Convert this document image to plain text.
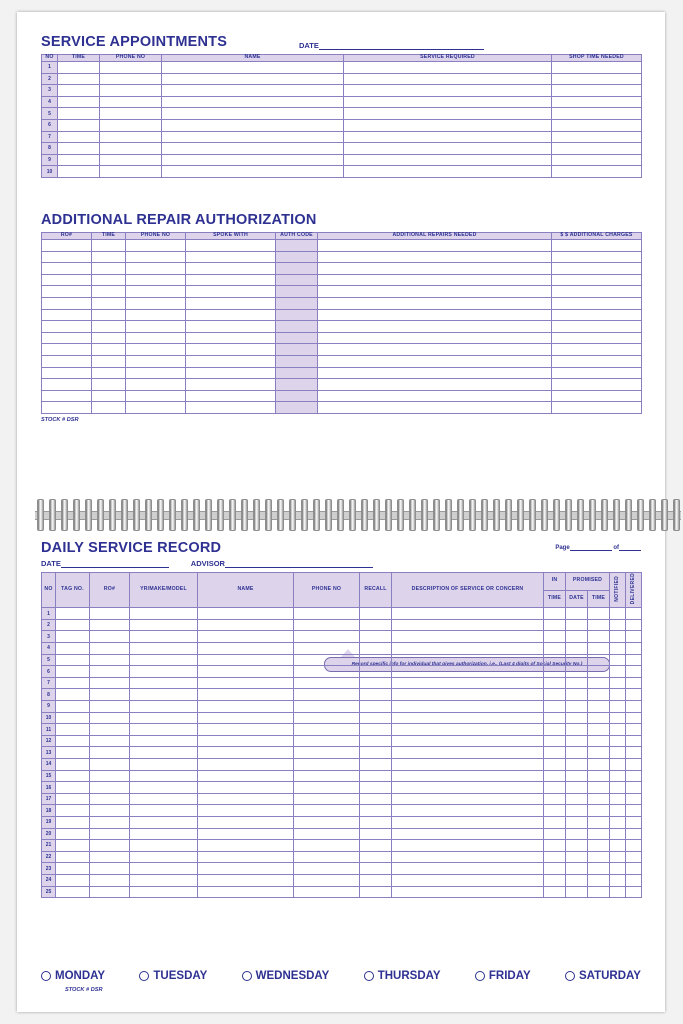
SERVICE APPOINTMENTS	DATE
NO	TIME	PHONE NO	NAME	SERVICE REQUIRED	SHOP TIME NEEDED
1					
2					
3					
4					
5					
6					
7					
8					
9					
10					
ADDITIONAL REPAIR AUTHORIZATION
RO#	TIME	PHONE NO	SPOKE WITH	AUTH CODE	ADDITIONAL REPAIRS NEEDED	$ $ ADDITIONAL CHARGES

STOCK # DSR
Record specific info for individual that gives authorization, i.e., (Last 4 digits of Social Security No.)
DAILY SERVICE RECORD
DATE	ADVISOR
Page	of
NO	TAG NO.	RO#	YR/MAKE/MODEL	NAME	PHONE NO	RECALL	DESCRIPTION OF SERVICE OR CONCERN	IN	PROMISED		NOTIFIED	DELIVERED
								TIME	DATE	TIME		
1												
2												
3												
4												
5												
6												
7												
8												
9												
10												
11												
12												
13												
14												
15												
16												
17												
18												
19												
20												
21												
22												
23												
24												
25												
MONDAY	TUESDAY	WEDNESDAY	THURSDAY	FRIDAY	SATURDAY
STOCK # DSR
